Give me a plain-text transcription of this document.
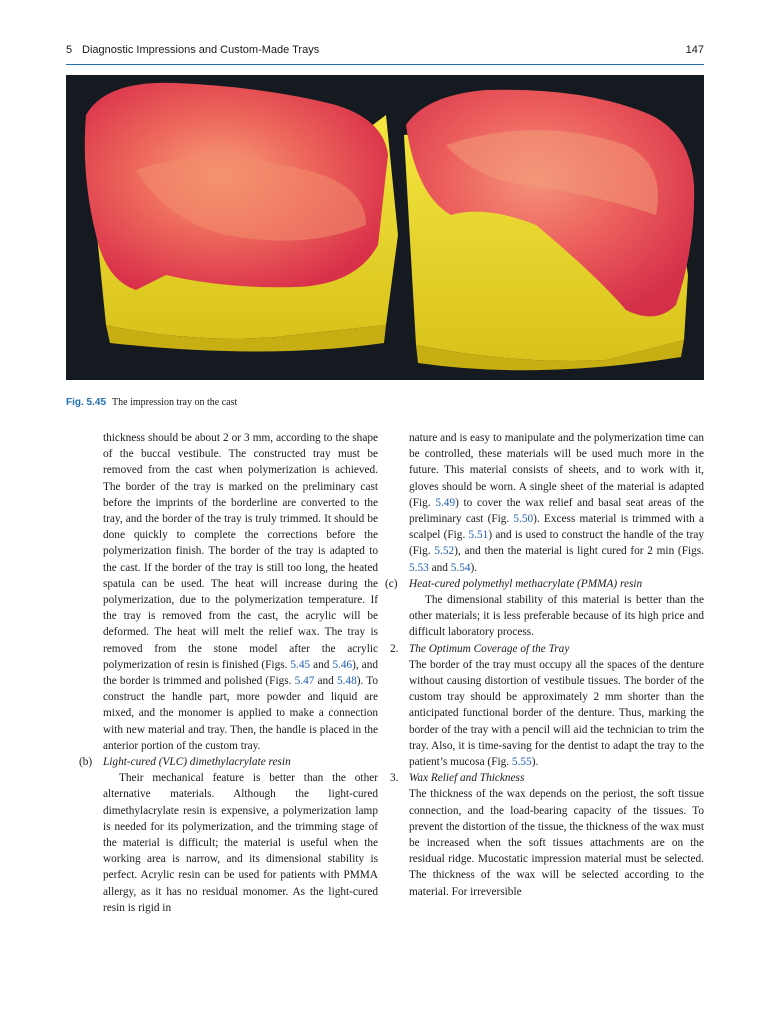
5 Diagnostic Impressions and Custom-Made Trays	147
Fig. 5.45 The impression tray on the cast

thickness should be about 2 or 3 mm, according to the shape of the buccal vestibule. The constructed tray must be removed from the cast when polymerization is achieved. The border of the tray is marked on the preliminary cast before the imprints of the borderline are converted to the tray, and the border of the tray is truly trimmed. It should be done quickly to complete the corrections before the polymerization finish. The border of the tray is adapted to the cast. If the border of the tray is still too long, the heated spatula can be used. The heat will increase during the polymerization, due to the polymerization temperature. If the tray is removed from the cast, the acrylic will be deformed. The heat will melt the relief wax. The tray is removed from the stone model after the acrylic polymerization of resin is finished (Figs. 5.45 and 5.46), and the border is trimmed and polished (Figs. 5.47 and 5.48). To construct the handle part, more powder and liquid are mixed, and the monomer is applied to make a connection with new material and tray. Then, the handle is placed in the anterior portion of the custom tray.

(b) Light-cured (VLC) dimethylacrylate resin

Their mechanical feature is better than the other alternative materials. Although the light-cured dimethylacrylate resin is expensive, a polymerization lamp is needed for its polymerization, and the trimming stage of the material is difficult; the material is useful when the working area is narrow, and its dimensional stability is perfect. Acrylic resin can be used for patients with PMMA allergy, as it has no residual monomer. As the light-cured resin is rigid in

nature and is easy to manipulate and the polymerization time can be controlled, these materials will be used much more in the future. This material consists of sheets, and to work with it, gloves should be worn. A single sheet of the material is adapted (Fig. 5.49) to cover the wax relief and basal seat areas of the preliminary cast (Fig. 5.50). Excess material is trimmed with a scalpel (Fig. 5.51) and is used to construct the handle of the tray (Fig. 5.52), and then the material is light cured for 2 min (Figs. 5.53 and 5.54).

(c) Heat-cured polymethyl methacrylate (PMMA) resin

The dimensional stability of this material is better than the other materials; it is less preferable because of its high price and difficult laboratory process.

2. The Optimum Coverage of the Tray

The border of the tray must occupy all the spaces of the denture without causing distortion of vestibule tissues. The border of the custom tray should be approximately 2 mm shorter than the anticipated functional border of the denture. Thus, marking the border of the tray with a pencil will aid the technician to trim the tray. Also, it is time-saving for the dentist to adapt the tray to the patient’s mucosa (Fig. 5.55).

3. Wax Relief and Thickness

The thickness of the wax depends on the periost, the soft tissue connection, and the load-bearing capacity of the tissues. To prevent the distortion of the tissue, the thickness of the wax must be increased when the soft tissues attachments are on the residual ridge. Mucostatic impression material must be selected. The thickness of the wax will be selected according to the material. For irreversible
